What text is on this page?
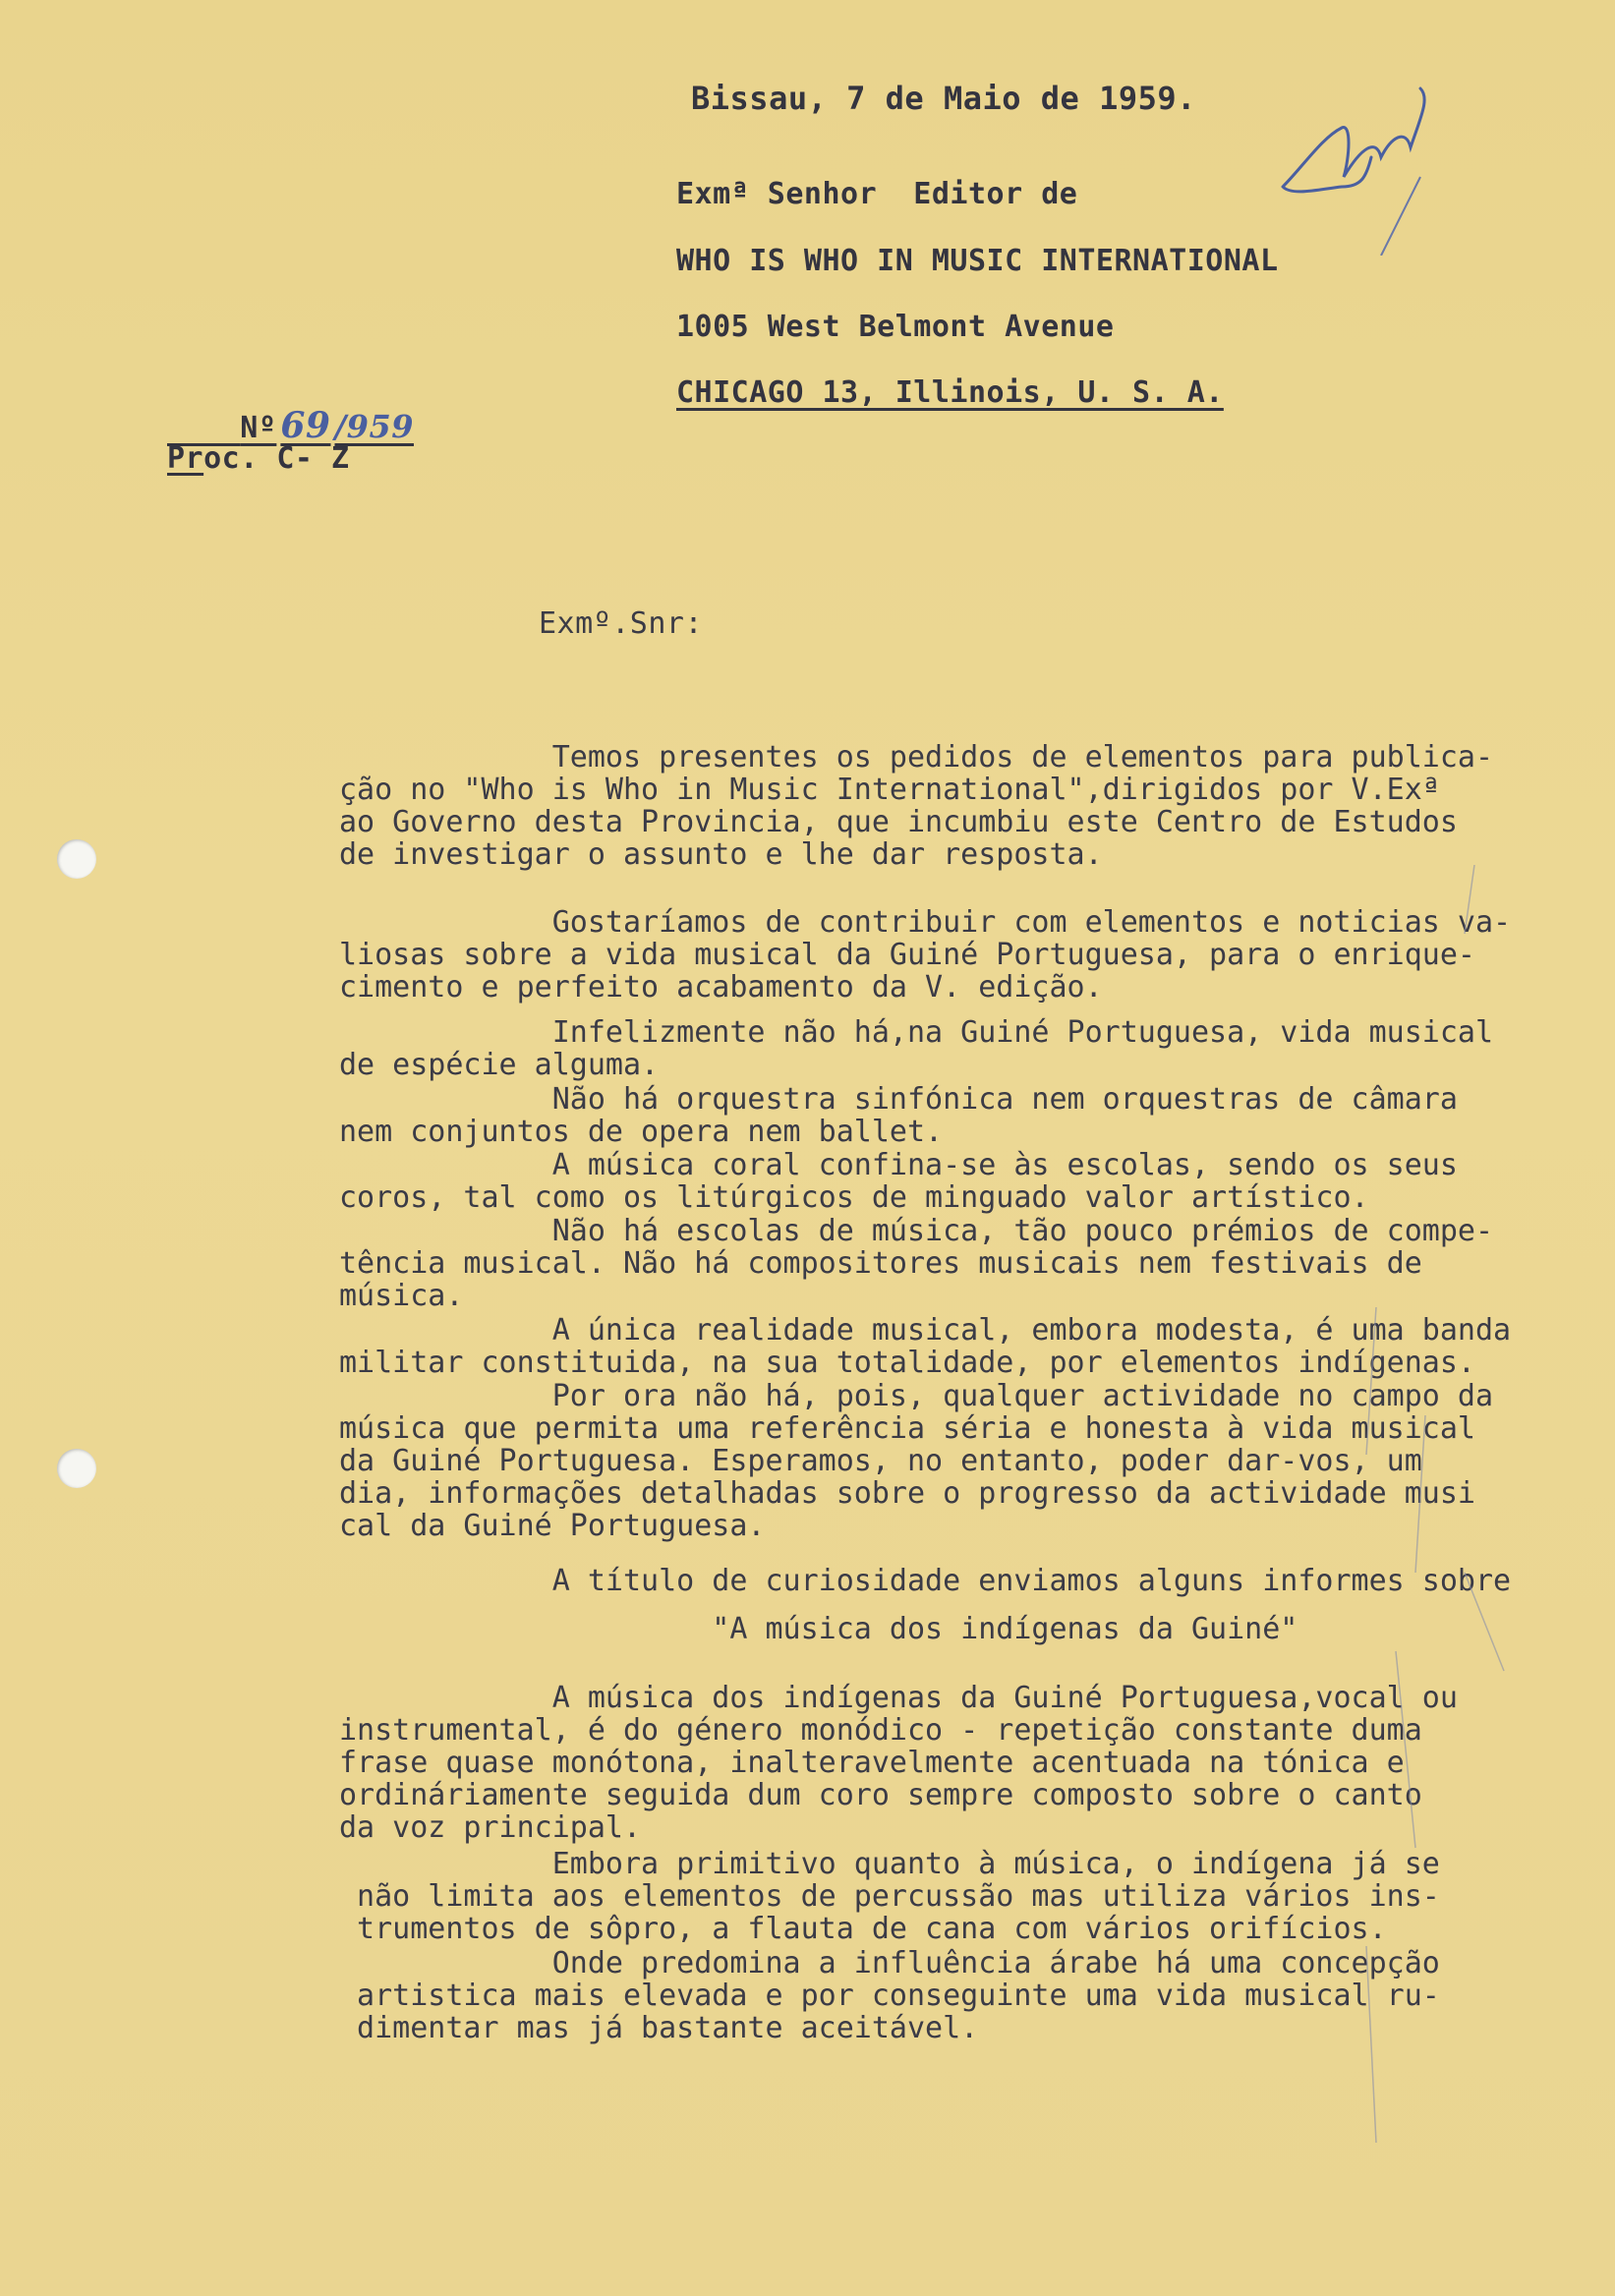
Bissau, 7 de Maio de 1959.
Exmª Senhor  Editor de
WHO IS WHO IN MUSIC INTERNATIONAL
1005 West Belmont Avenue
CHICAGO 13, Illinois, U. S. A.

Nº 69 /959

Proc. C- Z
Exmº.Snr:
Temos presentes os pedidos de elementos para publica-
ção no "Who is Who in Music International",dirigidos por V.Exª
ao Governo desta Provincia, que incumbiu este Centro de Estudos
de investigar o assunto e lhe dar resposta.
Gostaríamos de contribuir com elementos e noticias va-
liosas sobre a vida musical da Guiné Portuguesa, para o enrique-
cimento e perfeito acabamento da V. edição.
Infelizmente não há,na Guiné Portuguesa, vida musical
de espécie alguma.
Não há orquestra sinfónica nem orquestras de câmara
nem conjuntos de opera nem ballet.
A música coral confina-se às escolas, sendo os seus
coros, tal como os litúrgicos de minguado valor artístico.
Não há escolas de música, tão pouco prémios de compe-
tência musical. Não há compositores musicais nem festivais de
música.
A única realidade musical, embora modesta, é uma banda
militar constituida, na sua totalidade, por elementos indígenas.
Por ora não há, pois, qualquer actividade no campo da
música que permita uma referência séria e honesta à vida musical
da Guiné Portuguesa. Esperamos, no entanto, poder dar-vos, um
dia, informações detalhadas sobre o progresso da actividade musi
cal da Guiné Portuguesa.
A título de curiosidade enviamos alguns informes sobre
"A música dos indígenas da Guiné"
A música dos indígenas da Guiné Portuguesa,vocal ou
instrumental, é do género monódico - repetição constante duma
frase quase monótona, inalteravelmente acentuada na tónica e
ordináriamente seguida dum coro sempre composto sobre o canto
da voz principal.
Embora primitivo quanto à música, o indígena já se
não limita aos elementos de percussão mas utiliza vários ins-
trumentos de sôpro, a flauta de cana com vários orifícios.
Onde predomina a influência árabe há uma concepção
artistica mais elevada e por conseguinte uma vida musical ru-
dimentar mas já bastante aceitável.
